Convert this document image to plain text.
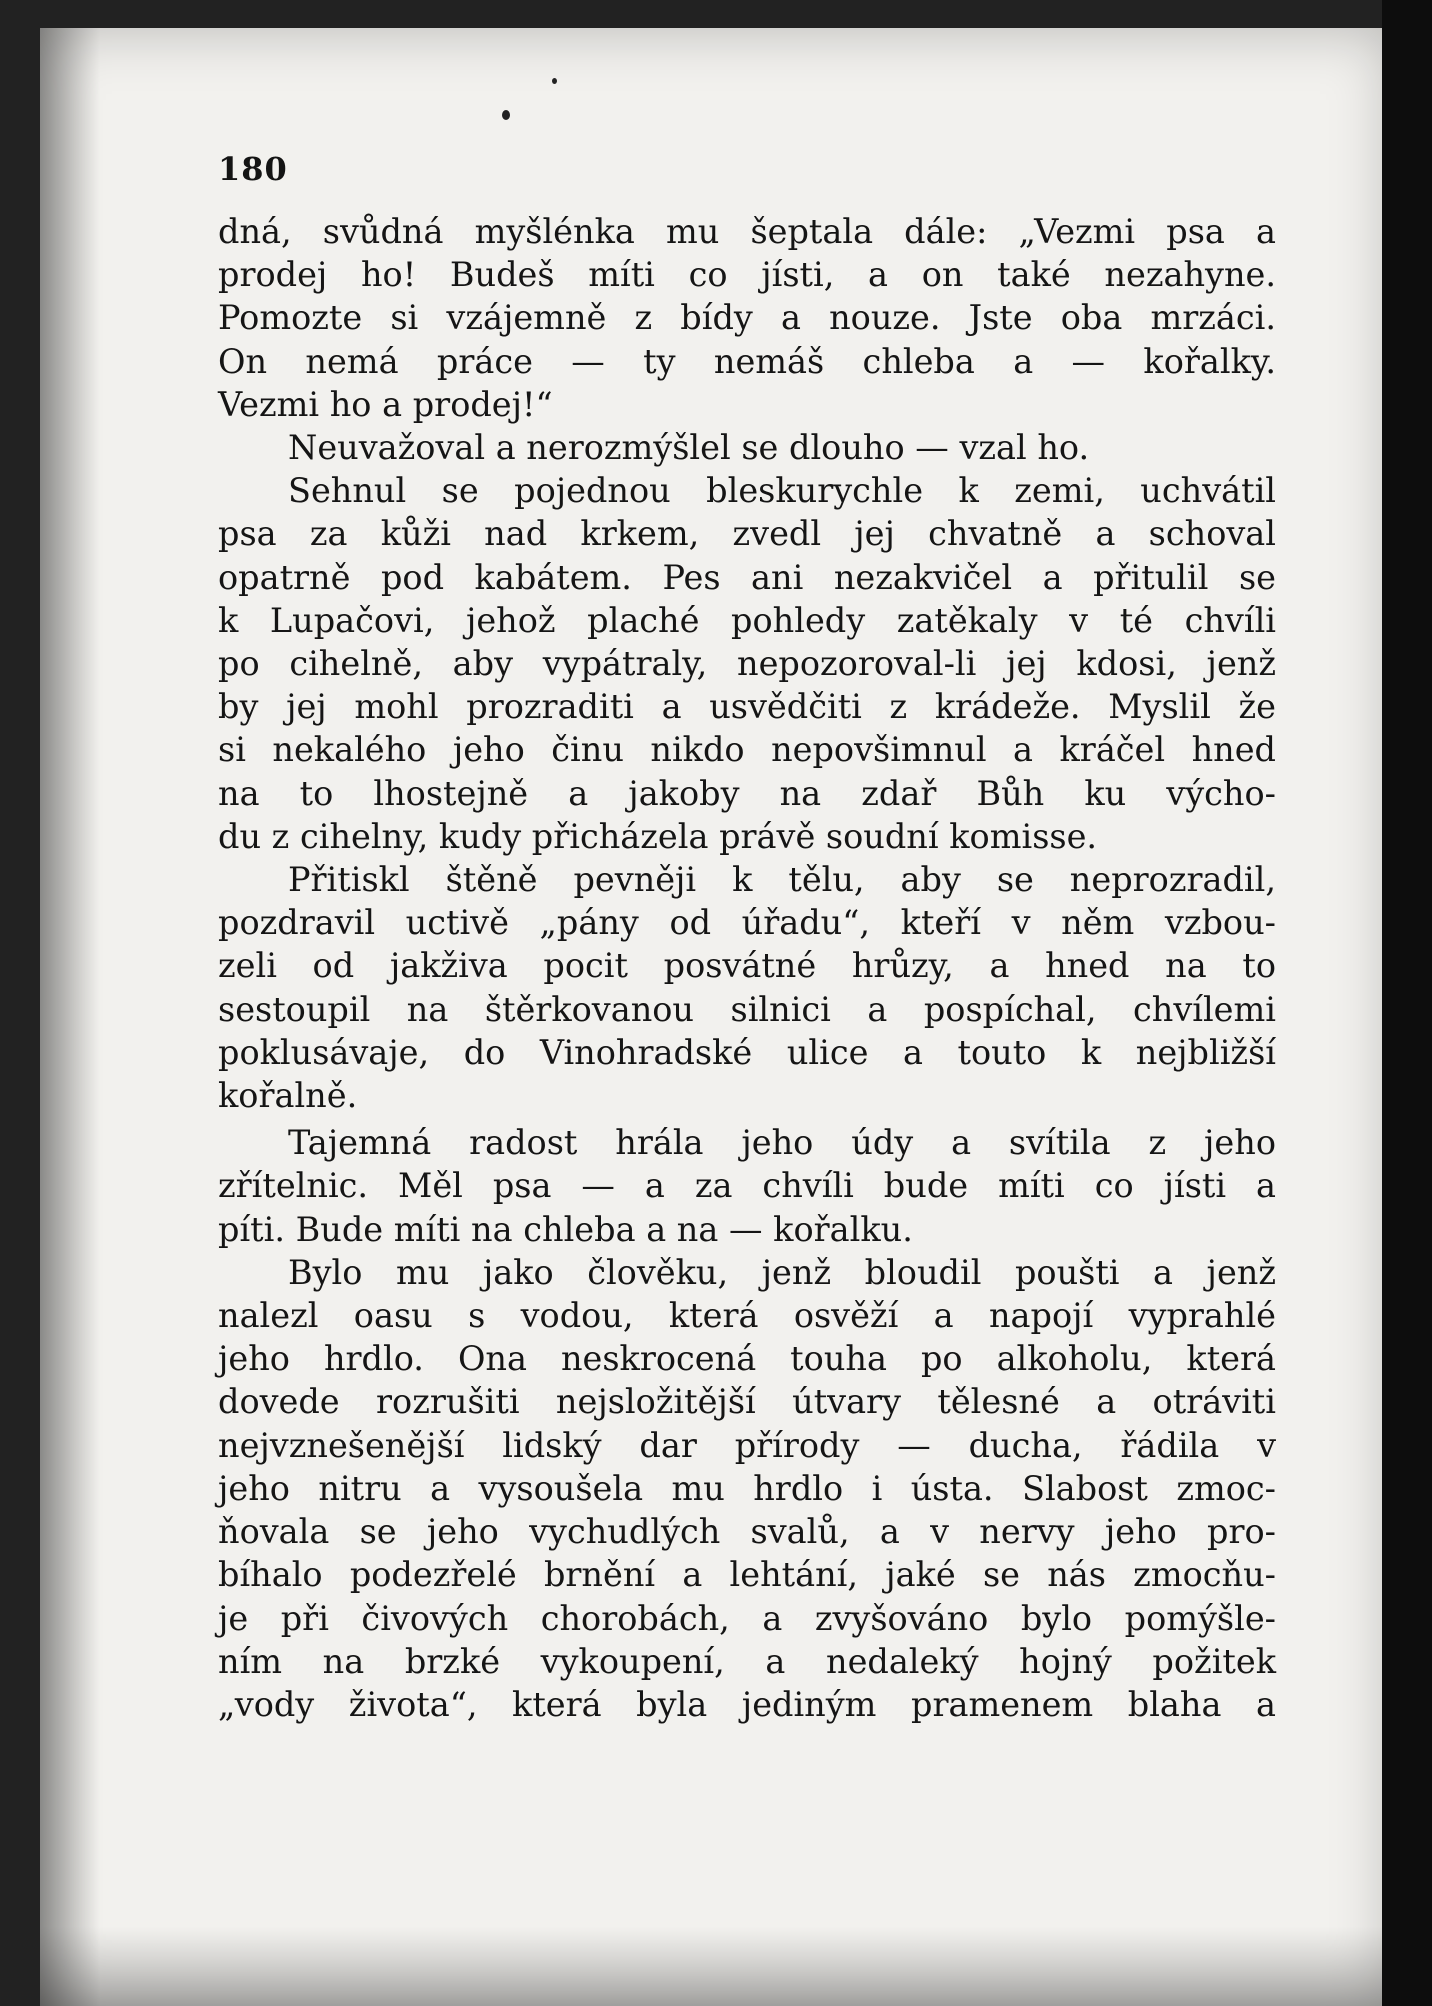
180
dná, svůdná myšlénka mu šeptala dále: „Vezmi psa a
prodej ho! Budeš míti co jísti, a on také nezahyne.
Pomozte si vzájemně z bídy a nouze. Jste oba mrzáci.
On nemá práce — ty nemáš chleba a — kořalky.
Vezmi ho a prodej!“
Neuvažoval a nerozmýšlel se dlouho — vzal ho.
Sehnul se pojednou bleskurychle k zemi, uchvátil
psa za kůži nad krkem, zvedl jej chvatně a schoval
opatrně pod kabátem. Pes ani nezakvičel a přitulil se
k Lupačovi, jehož plaché pohledy zatěkaly v té chvíli
po cihelně, aby vypátraly, nepozoroval-li jej kdosi, jenž
by jej mohl prozraditi a usvědčiti z krádeže. Myslil že
si nekalého jeho činu nikdo nepovšimnul a kráčel hned
na to lhostejně a jakoby na zdař Bůh ku výcho-
du z cihelny, kudy přicházela právě soudní komisse.
Přitiskl štěně pevněji k tělu, aby se neprozradil,
pozdravil uctivě „pány od úřadu“, kteří v něm vzbou-
zeli od jakživa pocit posvátné hrůzy, a hned na to
sestoupil na štěrkovanou silnici a pospíchal, chvílemi
poklusávaje, do Vinohradské ulice a touto k nejbližší
kořalně.
Tajemná radost hrála jeho údy a svítila z jeho
zřítelnic. Měl psa — a za chvíli bude míti co jísti a
píti. Bude míti na chleba a na — kořalku.
Bylo mu jako člověku, jenž bloudil poušti a jenž
nalezl oasu s vodou, která osvěží a napojí vyprahlé
jeho hrdlo. Ona neskrocená touha po alkoholu, která
dovede rozrušiti nejsložitější útvary tělesné a otráviti
nejvznešenější lidský dar přírody — ducha, řádila v
jeho nitru a vysoušela mu hrdlo i ústa. Slabost zmoc-
ňovala se jeho vychudlých svalů, a v nervy jeho pro-
bíhalo podezřelé brnění a lehtání, jaké se nás zmocňu-
je při čivových chorobách, a zvyšováno bylo pomýšle-
ním na brzké vykoupení, a nedaleký hojný požitek
„vody života“, která byla jediným pramenem blaha a
